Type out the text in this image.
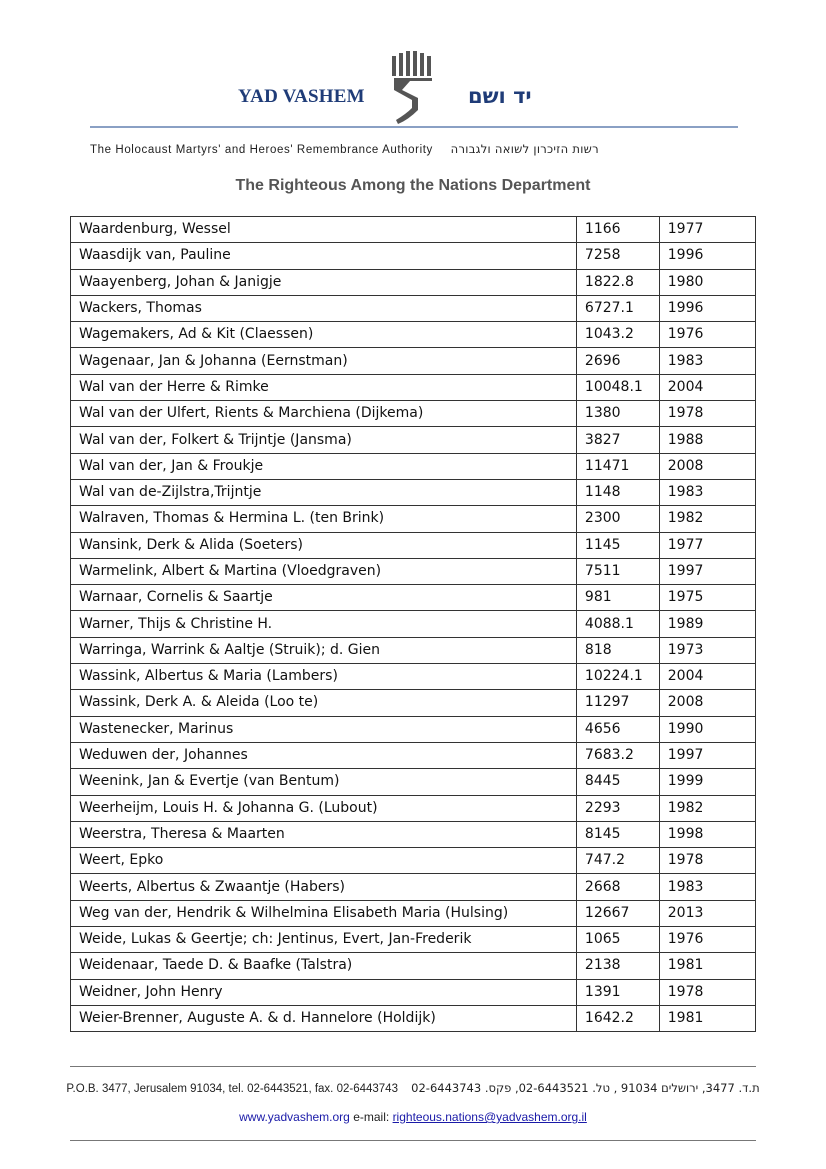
YAD VASHEM	יד ושם
The Holocaust Martyrs' and Heroes' Remembrance Authority רשות הזיכרון לשואה ולגבורה
The Righteous Among the Nations Department
Waardenburg, Wessel	1166	1977
Waasdijk van, Pauline	7258	1996
Waayenberg, Johan & Janigje	1822.8	1980
Wackers, Thomas	6727.1	1996
Wagemakers, Ad & Kit (Claessen)	1043.2	1976
Wagenaar, Jan & Johanna (Eernstman)	2696	1983
Wal van der Herre & Rimke	10048.1	2004
Wal van der Ulfert, Rients & Marchiena (Dijkema)	1380	1978
Wal van der, Folkert & Trijntje (Jansma)	3827	1988
Wal van der, Jan & Froukje	11471	2008
Wal van de-Zijlstra,Trijntje	1148	1983
Walraven, Thomas & Hermina L. (ten Brink)	2300	1982
Wansink, Derk & Alida (Soeters)	1145	1977
Warmelink, Albert & Martina (Vloedgraven)	7511	1997
Warnaar, Cornelis & Saartje	981	1975
Warner, Thijs & Christine H.	4088.1	1989
Warringa, Warrink & Aaltje (Struik); d. Gien	818	1973
Wassink, Albertus & Maria (Lambers)	10224.1	2004
Wassink, Derk A. & Aleida (Loo te)	11297	2008
Wastenecker, Marinus	4656	1990
Weduwen der, Johannes	7683.2	1997
Weenink, Jan & Evertje (van Bentum)	8445	1999
Weerheijm, Louis H. & Johanna G. (Lubout)	2293	1982
Weerstra, Theresa & Maarten	8145	1998
Weert, Epko	747.2	1978
Weerts, Albertus & Zwaantje (Habers)	2668	1983
Weg van der, Hendrik & Wilhelmina Elisabeth Maria (Hulsing)	12667	2013
Weide, Lukas & Geertje; ch: Jentinus, Evert, Jan-Frederik	1065	1976
Weidenaar, Taede D. & Baafke (Talstra)	2138	1981
Weidner, John Henry	1391	1978
Weier-Brenner, Auguste A. & d. Hannelore (Holdijk)	1642.2	1981
P.O.B. 3477, Jerusalem 91034, tel. 02-6443521, fax. 02-6443743 ת.ד. 3477, ירושלים 91034 , טל. 02-6443521, פקס. 02-6443743
www.yadvashem.org e-mail: righteous.nations@yadvashem.org.il
